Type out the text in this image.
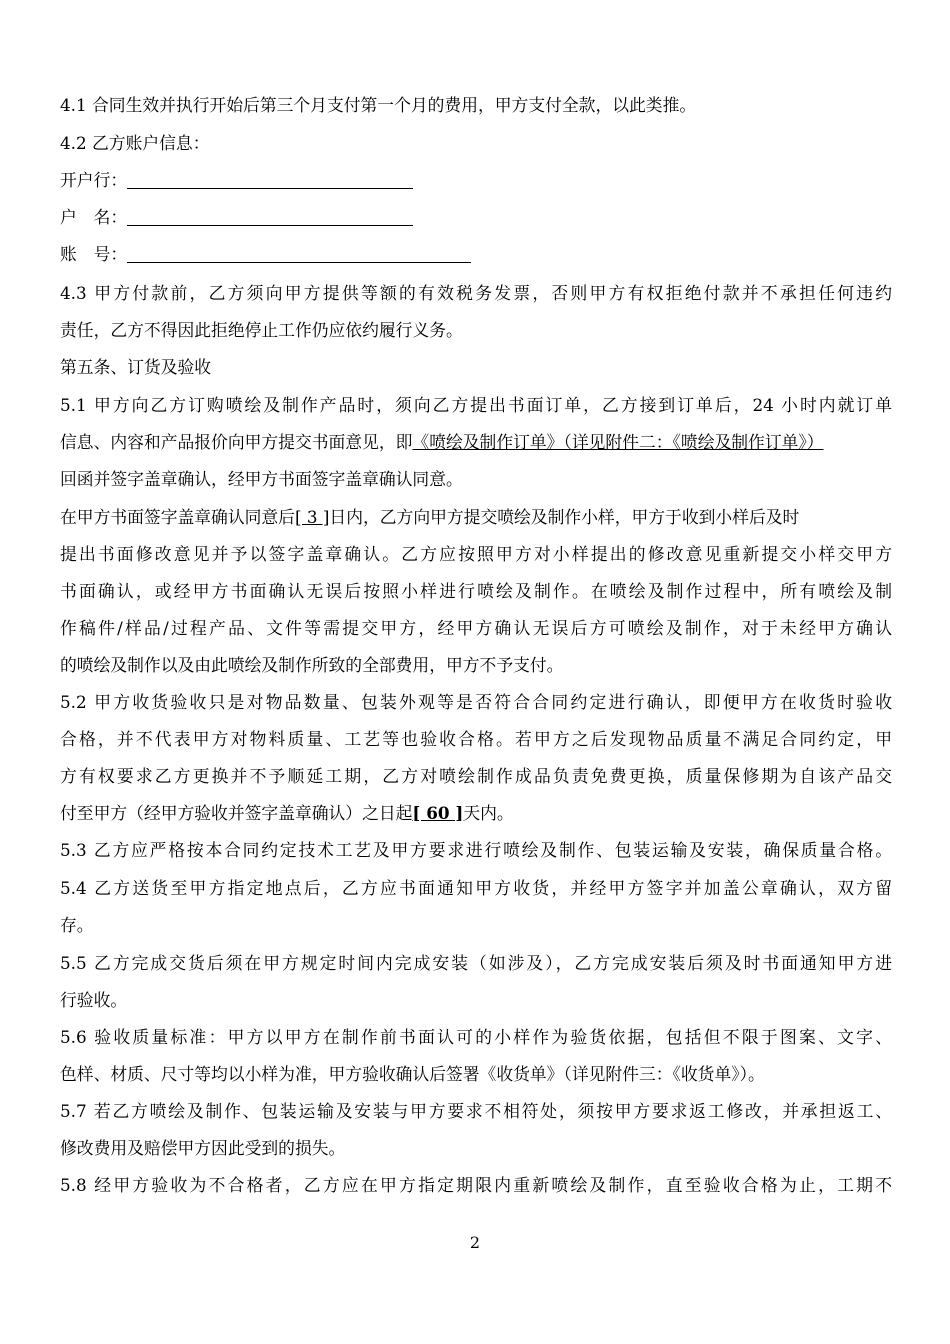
4.1 合同生效并执行开始后第三个月支付第一个月的费用，甲方支付全款，以此类推。
4.2 乙方账户信息：
开户行：
户　名：
账　号：
4.3 甲方付款前，乙方须向甲方提供等额的有效税务发票，否则甲方有权拒绝付款并不承担任何违约
责任，乙方不得因此拒绝停止工作仍应依约履行义务。
第五条、订货及验收
5.1 甲方向乙方订购喷绘及制作产品时，须向乙方提出书面订单，乙方接到订单后，24 小时内就订单
信息、内容和产品报价向甲方提交书面意见，即《喷绘及制作订单》（详见附件二：《喷绘及制作订单》）
回函并签字盖章确认，经甲方书面签字盖章确认同意。
在甲方书面签字盖章确认同意后[ 3 ]日内，乙方向甲方提交喷绘及制作小样，甲方于收到小样后及时
提出书面修改意见并予以签字盖章确认。乙方应按照甲方对小样提出的修改意见重新提交小样交甲方
书面确认，或经甲方书面确认无误后按照小样进行喷绘及制作。在喷绘及制作过程中，所有喷绘及制
作稿件/样品/过程产品、文件等需提交甲方，经甲方确认无误后方可喷绘及制作，对于未经甲方确认
的喷绘及制作以及由此喷绘及制作所致的全部费用，甲方不予支付。
5.2 甲方收货验收只是对物品数量、包装外观等是否符合合同约定进行确认，即便甲方在收货时验收
合格，并不代表甲方对物料质量、工艺等也验收合格。若甲方之后发现物品质量不满足合同约定，甲
方有权要求乙方更换并不予顺延工期，乙方对喷绘制作成品负责免费更换，质量保修期为自该产品交
付至甲方（经甲方验收并签字盖章确认）之日起[ 60 ]天内。
5.3 乙方应严格按本合同约定技术工艺及甲方要求进行喷绘及制作、包装运输及安装，确保质量合格。
5.4 乙方送货至甲方指定地点后，乙方应书面通知甲方收货，并经甲方签字并加盖公章确认，双方留
存。
5.5 乙方完成交货后须在甲方规定时间内完成安装（如涉及），乙方完成安装后须及时书面通知甲方进
行验收。
5.6 验收质量标准：甲方以甲方在制作前书面认可的小样作为验货依据，包括但不限于图案、文字、
色样、材质、尺寸等均以小样为准，甲方验收确认后签署《收货单》（详见附件三：《收货单》）。
5.7 若乙方喷绘及制作、包装运输及安装与甲方要求不相符处，须按甲方要求返工修改，并承担返工、
修改费用及赔偿甲方因此受到的损失。
5.8 经甲方验收为不合格者，乙方应在甲方指定期限内重新喷绘及制作，直至验收合格为止，工期不
2
